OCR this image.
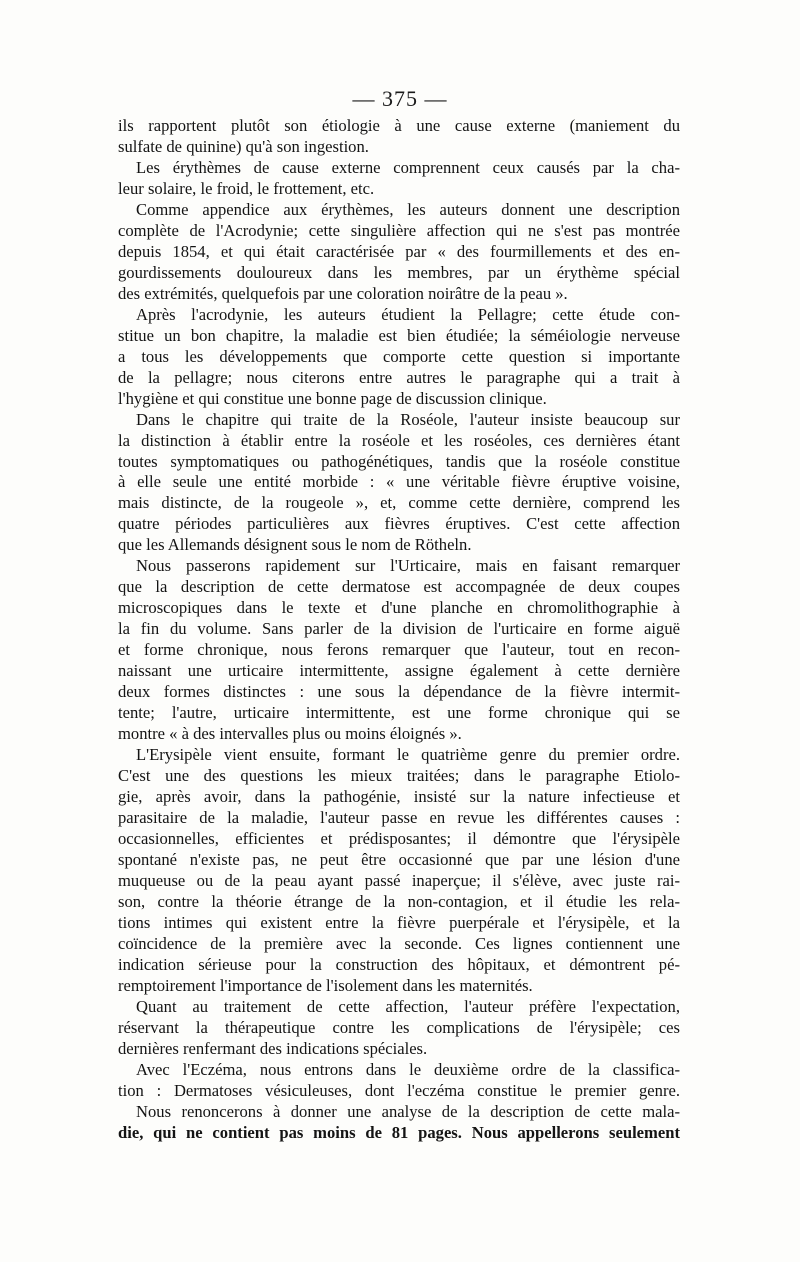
— 375 —
ils rapportent plutôt son étiologie à une cause externe (maniement du
sulfate de quinine) qu'à son ingestion.
Les érythèmes de cause externe comprennent ceux causés par la cha-
leur solaire, le froid, le frottement, etc.
Comme appendice aux érythèmes, les auteurs donnent une description
complète de l'Acrodynie; cette singulière affection qui ne s'est pas montrée
depuis 1854, et qui était caractérisée par « des fourmillements et des en-
gourdissements douloureux dans les membres, par un érythème spécial
des extrémités, quelquefois par une coloration noirâtre de la peau ».
Après l'acrodynie, les auteurs étudient la Pellagre; cette étude con-
stitue un bon chapitre, la maladie est bien étudiée; la séméiologie nerveuse
a tous les développements que comporte cette question si importante
de la pellagre; nous citerons entre autres le paragraphe qui a trait à
l'hygiène et qui constitue une bonne page de discussion clinique.
Dans le chapitre qui traite de la Roséole, l'auteur insiste beaucoup sur
la distinction à établir entre la roséole et les roséoles, ces dernières étant
toutes symptomatiques ou pathogénétiques, tandis que la roséole constitue
à elle seule une entité morbide : « une véritable fièvre éruptive voisine,
mais distincte, de la rougeole », et, comme cette dernière, comprend les
quatre périodes particulières aux fièvres éruptives. C'est cette affection
que les Allemands désignent sous le nom de Rötheln.
Nous passerons rapidement sur l'Urticaire, mais en faisant remarquer
que la description de cette dermatose est accompagnée de deux coupes
microscopiques dans le texte et d'une planche en chromolithographie à
la fin du volume. Sans parler de la division de l'urticaire en forme aiguë
et forme chronique, nous ferons remarquer que l'auteur, tout en recon-
naissant une urticaire intermittente, assigne également à cette dernière
deux formes distinctes : une sous la dépendance de la fièvre intermit-
tente; l'autre, urticaire intermittente, est une forme chronique qui se
montre « à des intervalles plus ou moins éloignés ».
L'Erysipèle vient ensuite, formant le quatrième genre du premier ordre.
C'est une des questions les mieux traitées; dans le paragraphe Etiolo-
gie, après avoir, dans la pathogénie, insisté sur la nature infectieuse et
parasitaire de la maladie, l'auteur passe en revue les différentes causes :
occasionnelles, efficientes et prédisposantes; il démontre que l'érysipèle
spontané n'existe pas, ne peut être occasionné que par une lésion d'une
muqueuse ou de la peau ayant passé inaperçue; il s'élève, avec juste rai-
son, contre la théorie étrange de la non-contagion, et il étudie les rela-
tions intimes qui existent entre la fièvre puerpérale et l'érysipèle, et la
coïncidence de la première avec la seconde. Ces lignes contiennent une
indication sérieuse pour la construction des hôpitaux, et démontrent pé-
remptoirement l'importance de l'isolement dans les maternités.
Quant au traitement de cette affection, l'auteur préfère l'expectation,
réservant la thérapeutique contre les complications de l'érysipèle; ces
dernières renfermant des indications spéciales.
Avec l'Eczéma, nous entrons dans le deuxième ordre de la classifica-
tion : Dermatoses vésiculeuses, dont l'eczéma constitue le premier genre.
Nous renoncerons à donner une analyse de la description de cette mala-
die, qui ne contient pas moins de 81 pages. Nous appellerons seulement
